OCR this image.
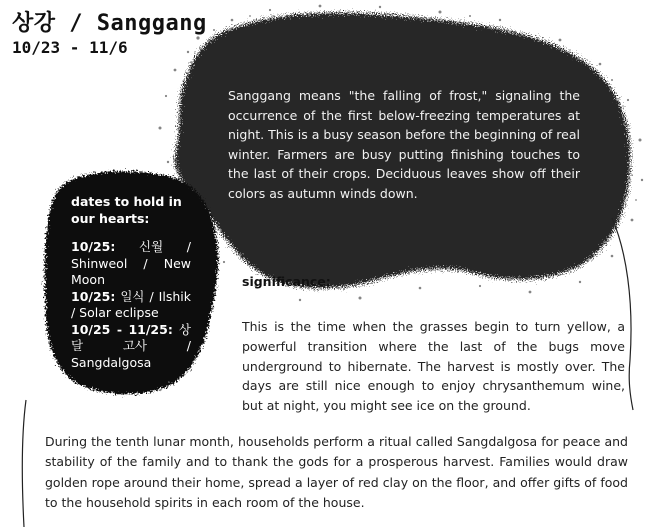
상강 / Sanggang
10/23 - 11/6
Sanggang means "the falling of frost," signaling the occurrence of the first below-freezing temperatures at night. This is a busy season before the beginning of real winter. Farmers are busy putting finishing touches to the last of their crops. Deciduous leaves show off their colors as autumn winds down.
dates to hold in our hearts:
10/25: 신월 / Shinweol / New Moon
10/25: 일식 / Ilshik / Solar eclipse
10/25 - 11/25: 상달 고사 / Sangdalgosa
significance:
This is the time when the grasses begin to turn yellow, a powerful transition where the last of the bugs move underground to hibernate. The harvest is mostly over. The days are still nice enough to enjoy chrysanthemum wine, but at night, you might see ice on the ground.
During the tenth lunar month, households perform a ritual called Sangdalgosa for peace and stability of the family and to thank the gods for a prosperous harvest. Families would draw golden rope around their home, spread a layer of red clay on the floor, and offer gifts of food to the household spirits in each room of the house.
